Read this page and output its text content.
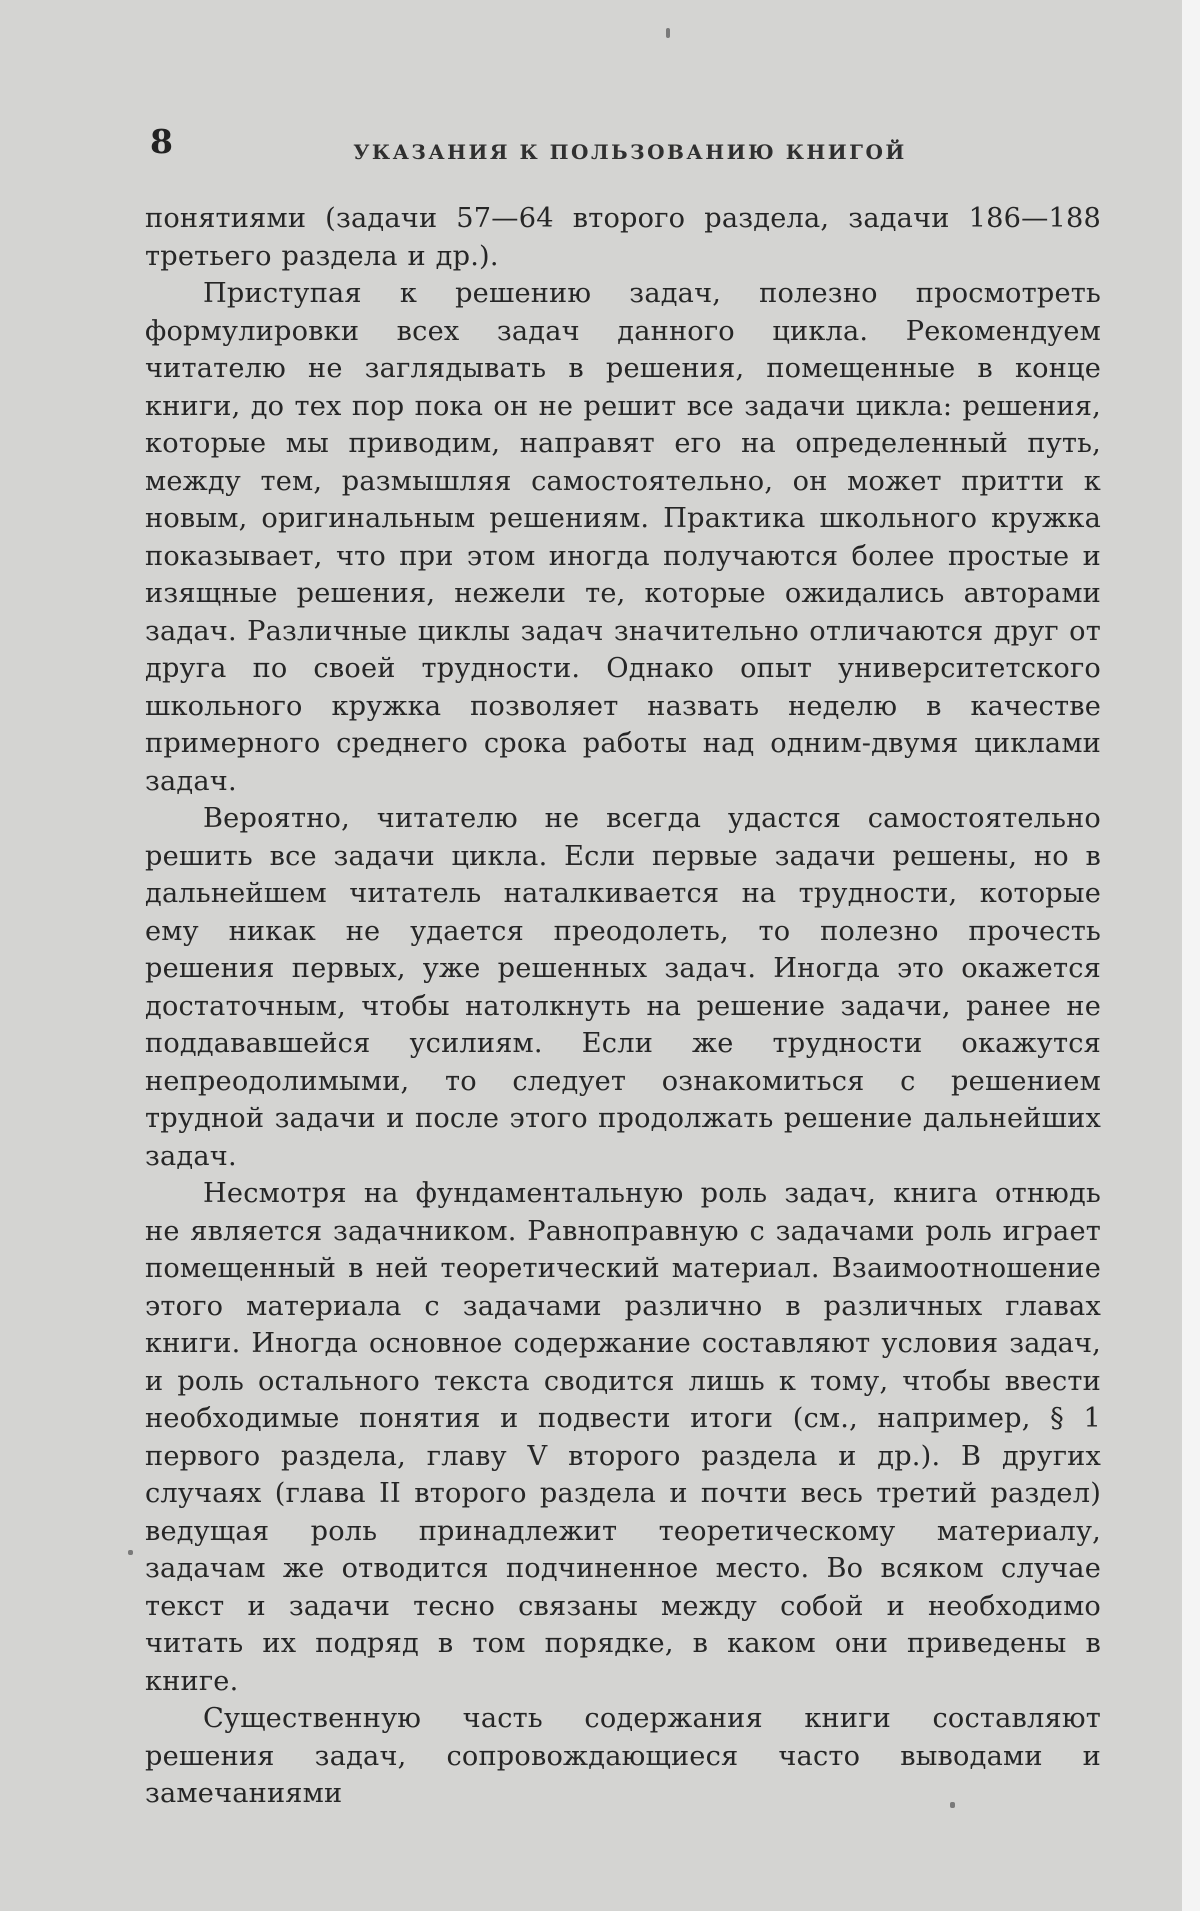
8	УКАЗАНИЯ К ПОЛЬЗОВАНИЮ КНИГОЙ

понятиями (задачи 57—64 второго раздела, задачи 186—188 третьего раздела и др.).

Приступая к решению задач, полезно просмотреть формулировки всех задач данного цикла. Рекомендуем читателю не заглядывать в решения, помещенные в конце книги, до тех пор пока он не решит все задачи цикла: решения, которые мы приводим, направят его на определенный путь, между тем, размышляя самостоятельно, он может притти к новым, оригинальным решениям. Практика школьного кружка показывает, что при этом иногда получаются более простые и изящные решения, нежели те, которые ожидались авторами задач. Различные циклы задач значительно отличаются друг от друга по своей трудности. Однако опыт университетского школьного кружка позволяет назвать неделю в качестве примерного среднего срока работы над одним-двумя циклами задач.

Вероятно, читателю не всегда удастся самостоятельно решить все задачи цикла. Если первые задачи решены, но в дальнейшем читатель наталкивается на трудности, которые ему никак не удается преодолеть, то полезно прочесть решения первых, уже решенных задач. Иногда это окажется достаточным, чтобы натолкнуть на решение задачи, ранее не поддававшейся усилиям. Если же трудности окажутся непреодолимыми, то следует ознакомиться с решением трудной задачи и после этого продолжать решение дальнейших задач.

Несмотря на фундаментальную роль задач, книга отнюдь не является задачником. Равноправную с задачами роль играет помещенный в ней теоретический материал. Взаимоотношение этого материала с задачами различно в различных главах книги. Иногда основное содержание составляют условия задач, и роль остального текста сводится лишь к тому, чтобы ввести необходимые понятия и подвести итоги (см., например, § 1 первого раздела, главу V второго раздела и др.). В других случаях (глава II второго раздела и почти весь третий раздел) ведущая роль принадлежит теоретическому материалу, задачам же отводится подчиненное место. Во всяком случае текст и задачи тесно связаны между собой и необходимо читать их подряд в том порядке, в каком они приведены в книге.

Существенную часть содержания книги составляют решения задач, сопровождающиеся часто выводами и замечаниями
